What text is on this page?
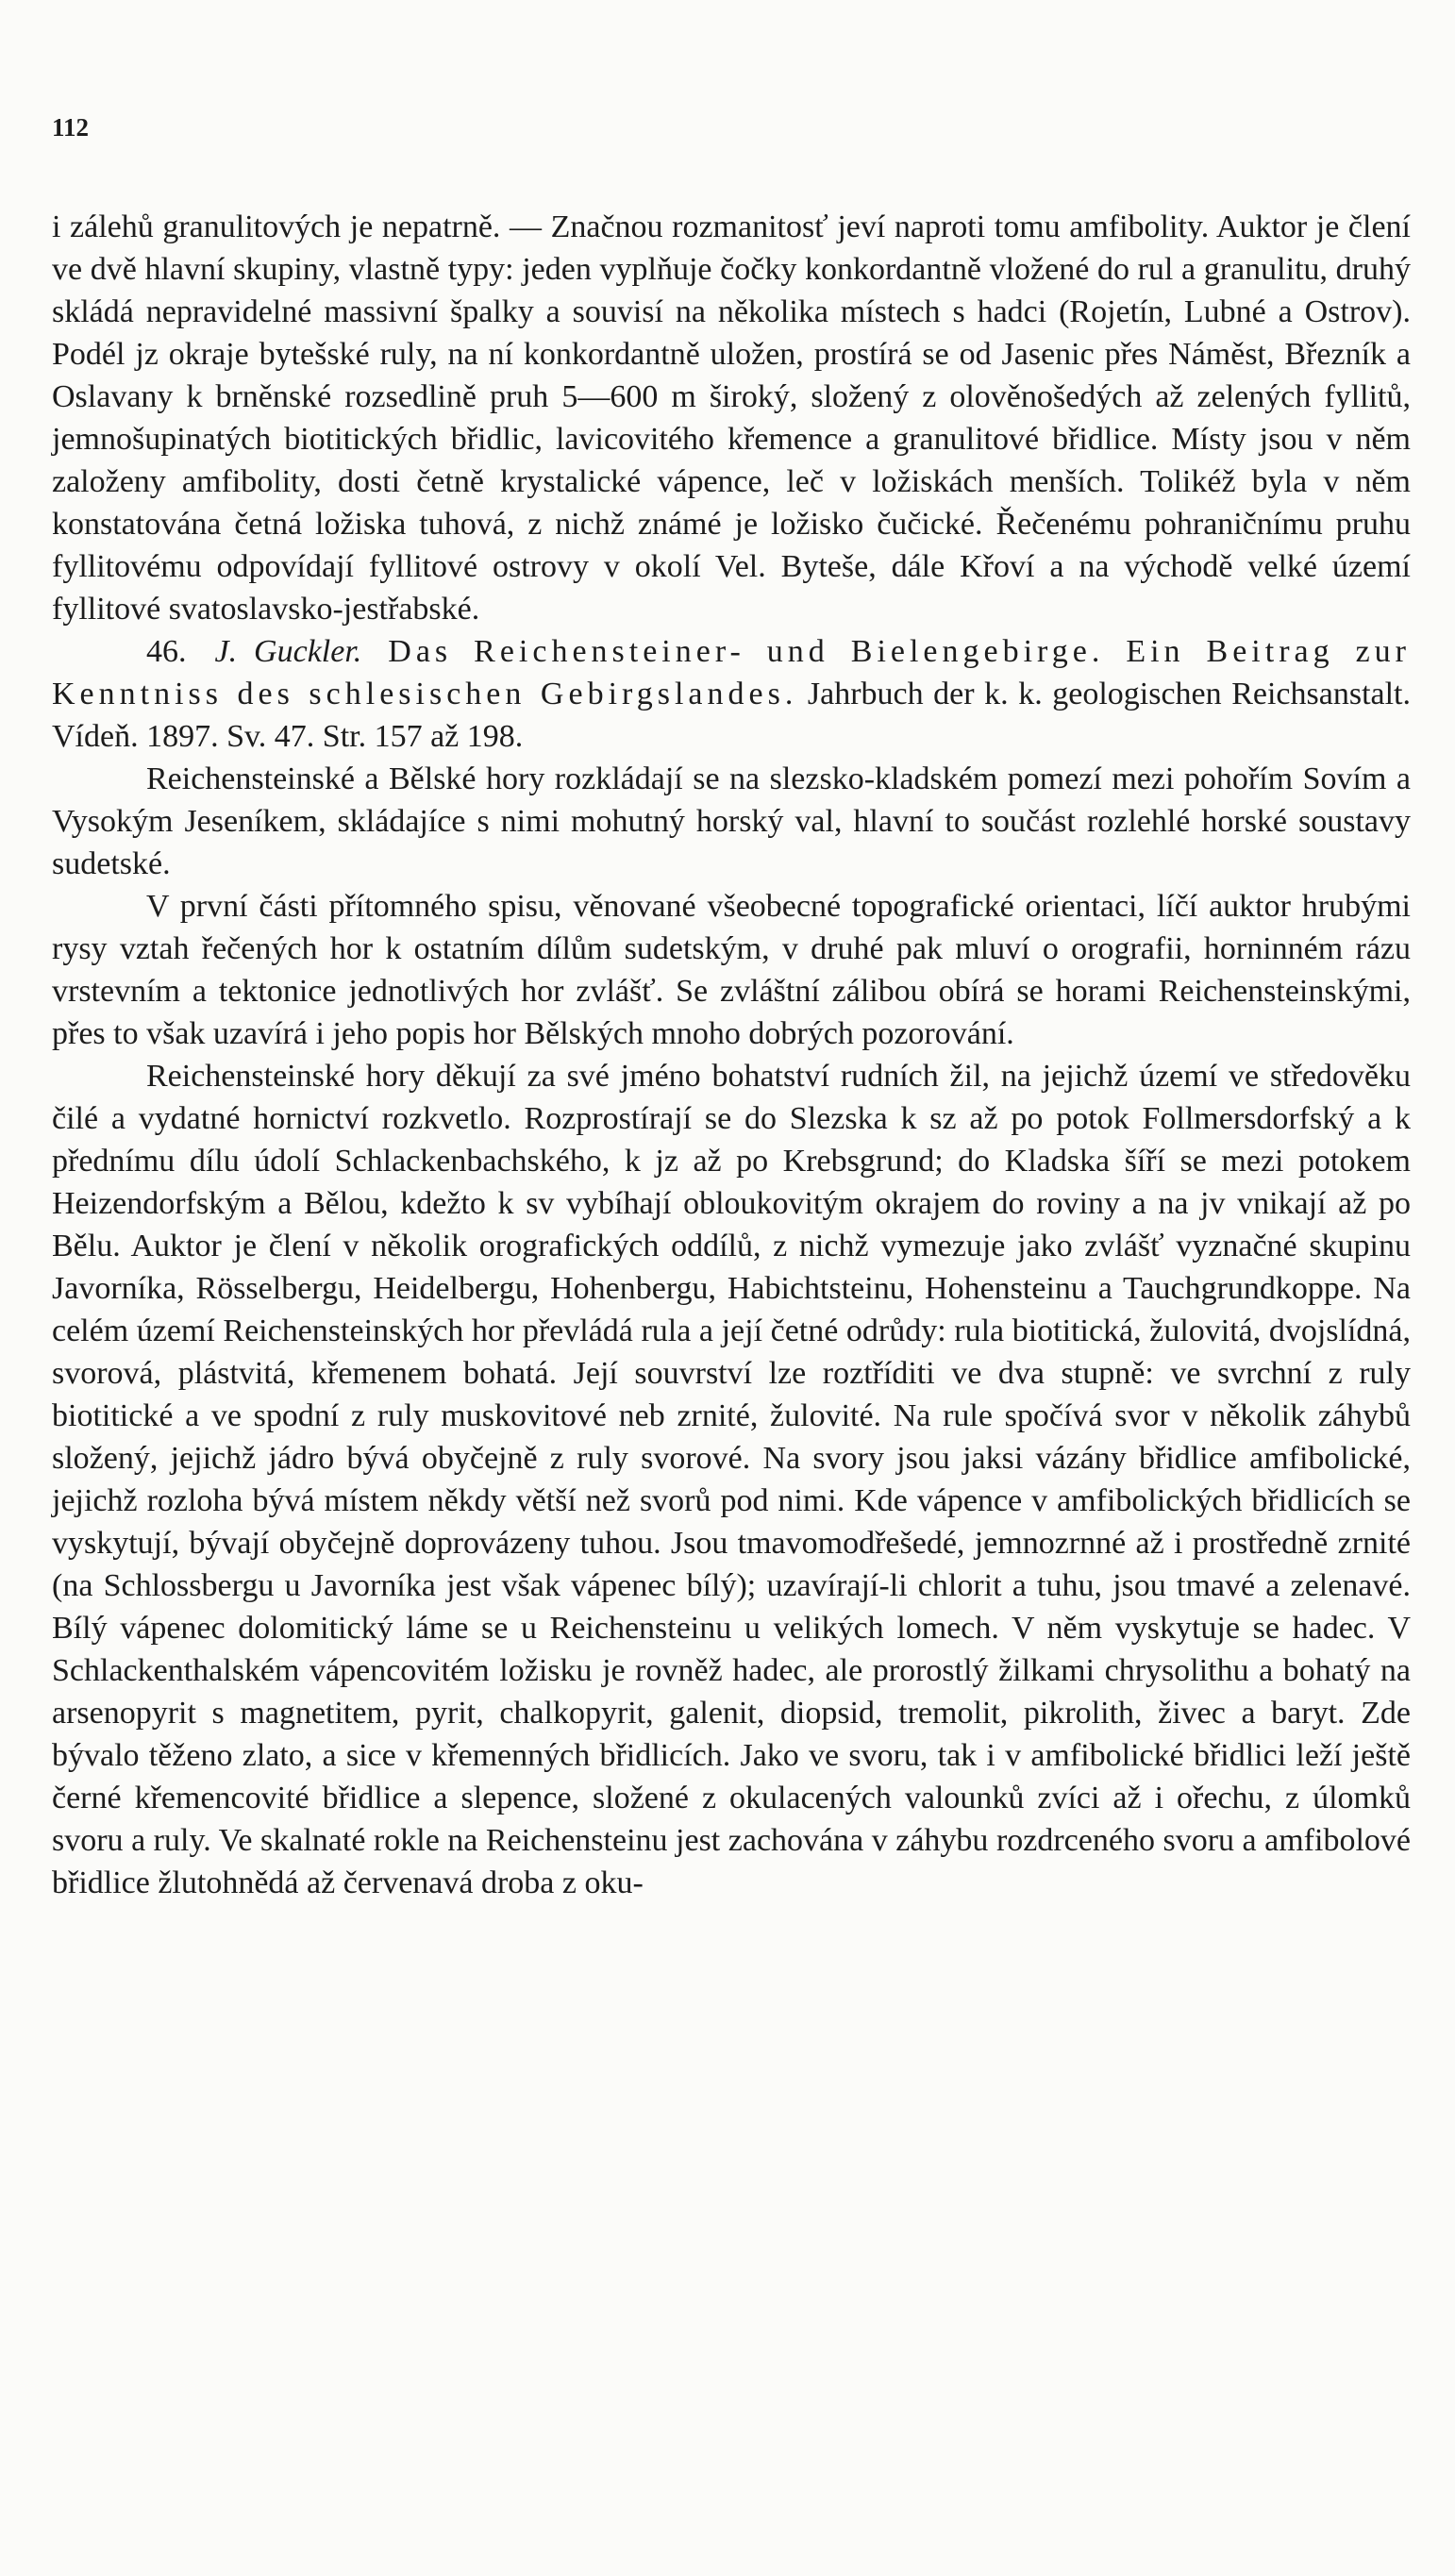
112

i zálehů granulitových je nepatrně. — Značnou rozmanitosť jeví naproti tomu amfibolity. Auktor je člení ve dvě hlavní skupiny, vlastně typy: jeden vyplňuje čočky konkordantně vložené do rul a granulitu, druhý skládá nepravidelné massivní špalky a souvisí na několika místech s hadci (Rojetín, Lubné a Ostrov). Podél jz okraje bytešské ruly, na ní konkordantně uložen, prostírá se od Jasenic přes Náměst, Březník a Oslavany k brněnské rozsedlině pruh 5—600 m široký, složený z olověnošedých až zelených fyllitů, jemnošupinatých biotitických břidlic, lavicovitého křemence a granulitové břidlice. Místy jsou v něm založeny amfibolity, dosti četně krystalické vápence, leč v ložiskách menších. Tolikéž byla v něm konstatována četná ložiska tuhová, z nichž známé je ložisko čučické. Řečenému pohraničnímu pruhu fyllitovému odpovídají fyllitové ostrovy v okolí Vel. Byteše, dále Křoví a na východě velké území fyllitové svatoslavsko-jestřabské.

46. J. Guckler. Das Reichensteiner- und Bielengebirge. Ein Beitrag zur Kenntniss des schlesischen Gebirgslandes. Jahrbuch der k. k. geologischen Reichsanstalt. Vídeň. 1897. Sv. 47. Str. 157 až 198.

Reichensteinské a Bělské hory rozkládají se na slezsko-kladském pomezí mezi pohořím Sovím a Vysokým Jeseníkem, skládajíce s nimi mohutný horský val, hlavní to součást rozlehlé horské soustavy sudetské.

V první části přítomného spisu, věnované všeobecné topografické orientaci, líčí auktor hrubými rysy vztah řečených hor k ostatním dílům sudetským, v druhé pak mluví o orografii, horninném rázu vrstevním a tektonice jednotlivých hor zvlášť. Se zvláštní zálibou obírá se horami Reichensteinskými, přes to však uzavírá i jeho popis hor Bělských mnoho dobrých pozorování.

Reichensteinské hory děkují za své jméno bohatství rudních žil, na jejichž území ve středověku čilé a vydatné hornictví rozkvetlo. Rozprostírají se do Slezska k sz až po potok Follmersdorfský a k přednímu dílu údolí Schlackenbachského, k jz až po Krebsgrund; do Kladska šíří se mezi potokem Heizendorfským a Bělou, kdežto k sv vybíhají obloukovitým okrajem do roviny a na jv vnikají až po Bělu. Auktor je člení v několik orografických oddílů, z nichž vymezuje jako zvlášť vyznačné skupinu Javorníka, Rösselbergu, Heidelbergu, Hohenbergu, Habichtsteinu, Hohensteinu a Tauchgrundkoppe. Na celém území Reichensteinských hor převládá rula a její četné odrůdy: rula biotitická, žulovitá, dvojslídná, svorová, plástvitá, křemenem bohatá. Její souvrství lze roztříditi ve dva stupně: ve svrchní z ruly biotitické a ve spodní z ruly muskovitové neb zrnité, žulovité. Na rule spočívá svor v několik záhybů složený, jejichž jádro bývá obyčejně z ruly svorové. Na svory jsou jaksi vázány břidlice amfibolické, jejichž rozloha bývá místem někdy větší než svorů pod nimi. Kde vápence v amfibolických břidlicích se vyskytují, bývají obyčejně doprovázeny tuhou. Jsou tmavomodřešedé, jemnozrnné až i prostředně zrnité (na Schlossbergu u Javorníka jest však vápenec bílý); uzavírají-li chlorit a tuhu, jsou tmavé a zelenavé. Bílý vápenec dolomitický láme se u Reichensteinu u velikých lomech. V něm vyskytuje se hadec. V Schlackenthalském vápencovitém ložisku je rovněž hadec, ale prorostlý žilkami chrysolithu a bohatý na arsenopyrit s magnetitem, pyrit, chalkopyrit, galenit, diopsid, tremolit, pikrolith, živec a baryt. Zde bývalo těženo zlato, a sice v křemenných břidlicích. Jako ve svoru, tak i v amfibolické břidlici leží ještě černé křemencovité břidlice a slepence, složené z okulacených valounků zvíci až i ořechu, z úlomků svoru a ruly. Ve skalnaté rokle na Reichensteinu jest zachována v záhybu rozdrceného svoru a amfibolové břidlice žlutohnědá až červenavá droba z oku-
